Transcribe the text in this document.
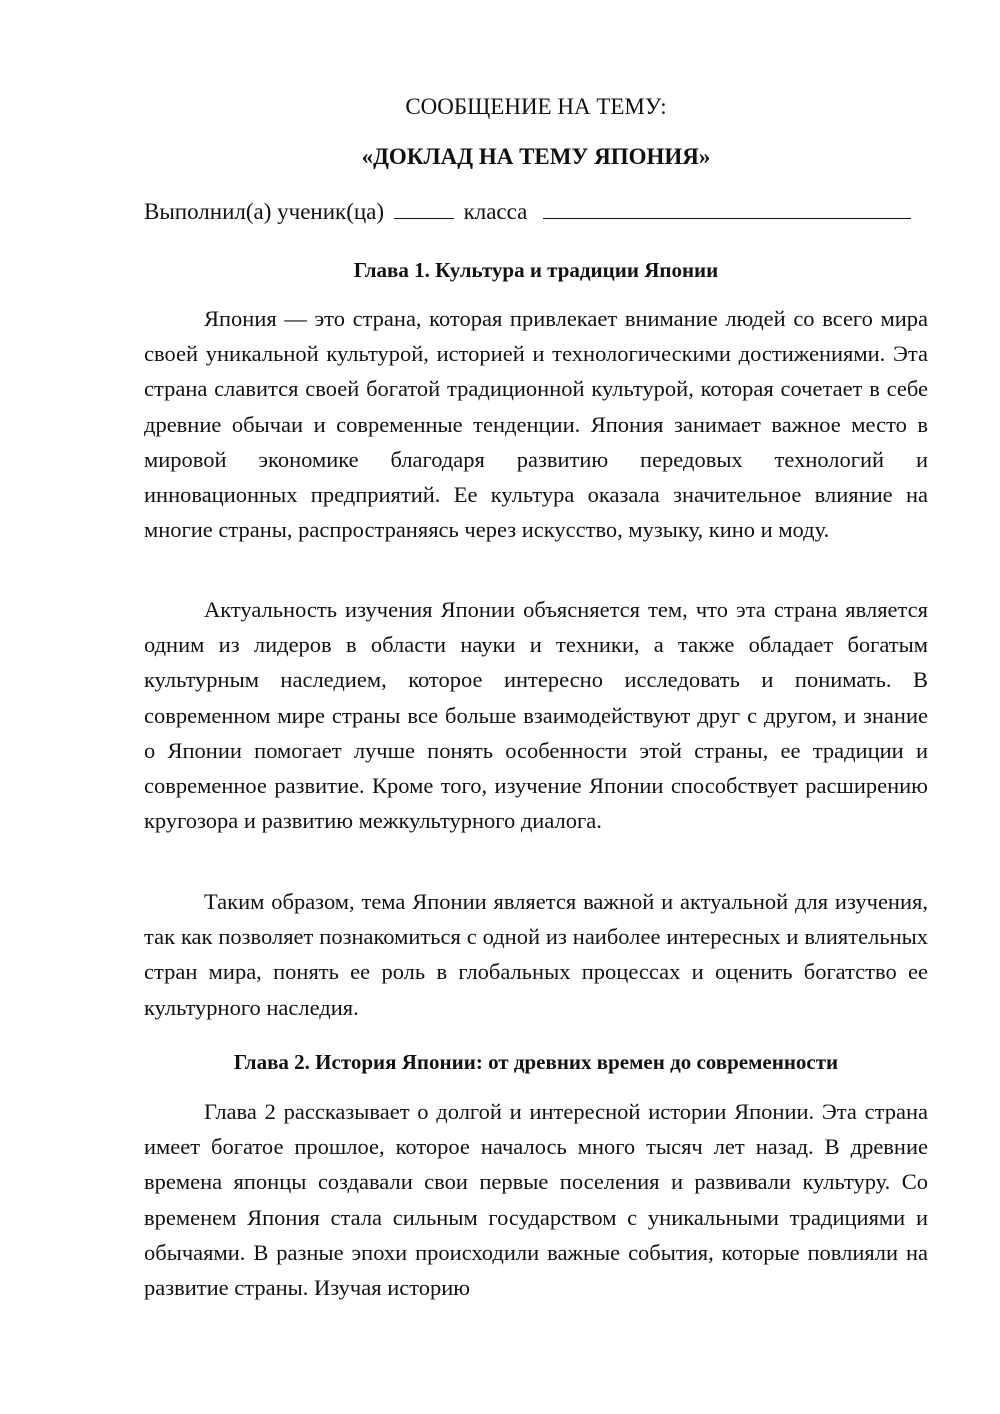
СООБЩЕНИЕ НА ТЕМУ:
«ДОКЛАД НА ТЕМУ ЯПОНИЯ»
Выполнил(а) ученик(ца)	класса
Глава 1. Культура и традиции Японии

Япония — это страна, которая привлекает внимание людей со всего мира своей уникальной культурой, историей и технологическими достижениями. Эта страна славится своей богатой традиционной культурой, которая сочетает в себе древние обычаи и современные тенденции. Япония занимает важное место в мировой экономике благодаря развитию передовых технологий и инновационных предприятий. Ее культура оказала значительное влияние на многие страны, распространяясь через искусство, музыку, кино и моду.

Актуальность изучения Японии объясняется тем, что эта страна является одним из лидеров в области науки и техники, а также обладает богатым культурным наследием, которое интересно исследовать и понимать. В современном мире страны все больше взаимодействуют друг с другом, и знание о Японии помогает лучше понять особенности этой страны, ее традиции и современное развитие. Кроме того, изучение Японии способствует расширению кругозора и развитию межкультурного диалога.

Таким образом, тема Японии является важной и актуальной для изучения, так как позволяет познакомиться с одной из наиболее интересных и влиятельных стран мира, понять ее роль в глобальных процессах и оценить богатство ее культурного наследия.

Глава 2. История Японии: от древних времен до современности

Глава 2 рассказывает о долгой и интересной истории Японии. Эта страна имеет богатое прошлое, которое началось много тысяч лет назад. В древние времена японцы создавали свои первые поселения и развивали культуру. Со временем Япония стала сильным государством с уникальными традициями и обычаями. В разные эпохи происходили важные события, которые повлияли на развитие страны. Изучая историю
